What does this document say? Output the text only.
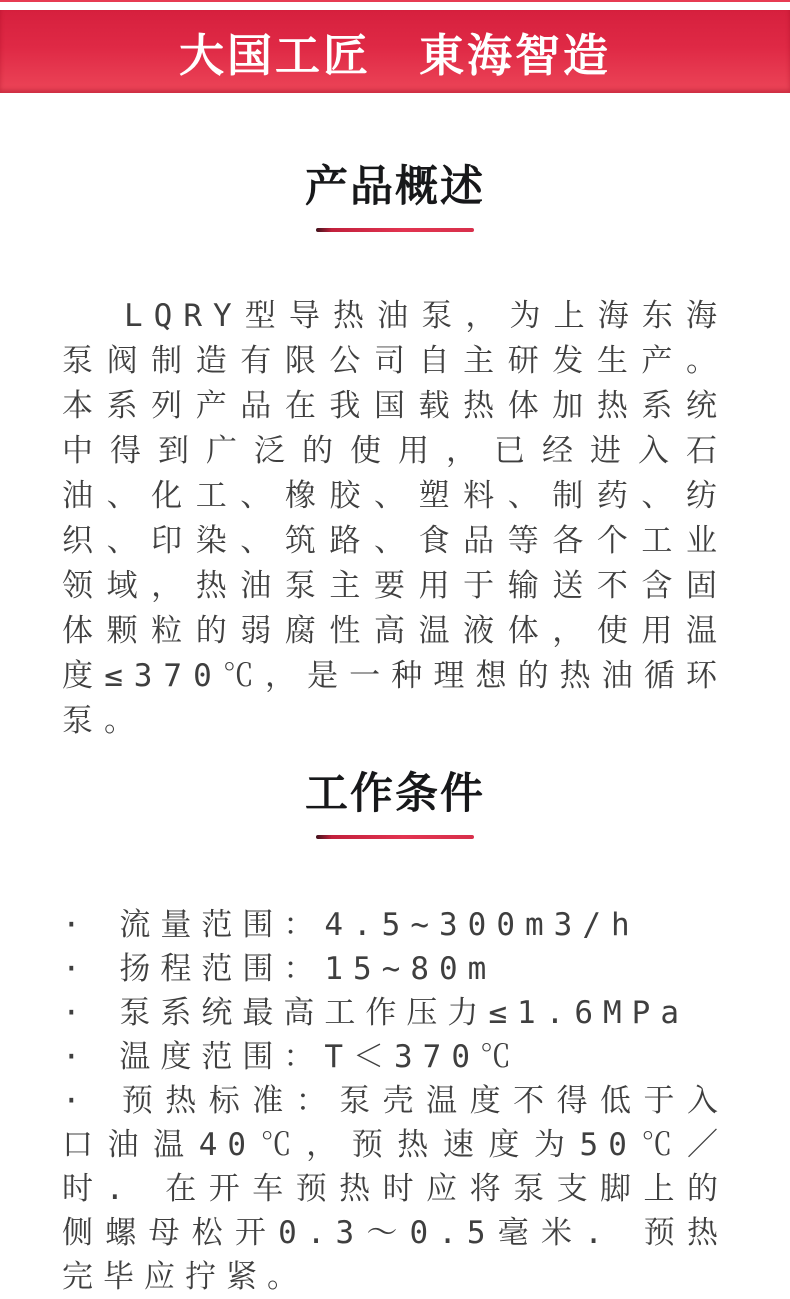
大国工匠　東海智造
产品概述

LQRY型导热油泵，为上海东海泵阀制造有限公司自主研发生产。本系列产品在我国载热体加热系统中得到广泛的使用，已经进入石油、化工、橡胶、塑料、制药、纺织、印染、筑路、食品等各个工业领域，热油泵主要用于输送不含固体颗粒的弱腐性高温液体，使用温度≤370℃，是一种理想的热油循环泵。

工作条件

· 流量范围：4.5~300m3/h

· 扬程范围：15~80m

· 泵系统最高工作压力≤1.6MPa

· 温度范围：T＜370℃

· 预热标准：泵壳温度不得低于入口油温40℃，预热速度为50℃／时. 在开车预热时应将泵支脚上的侧螺母松开0.3～0.5毫米. 预热完毕应拧紧。
